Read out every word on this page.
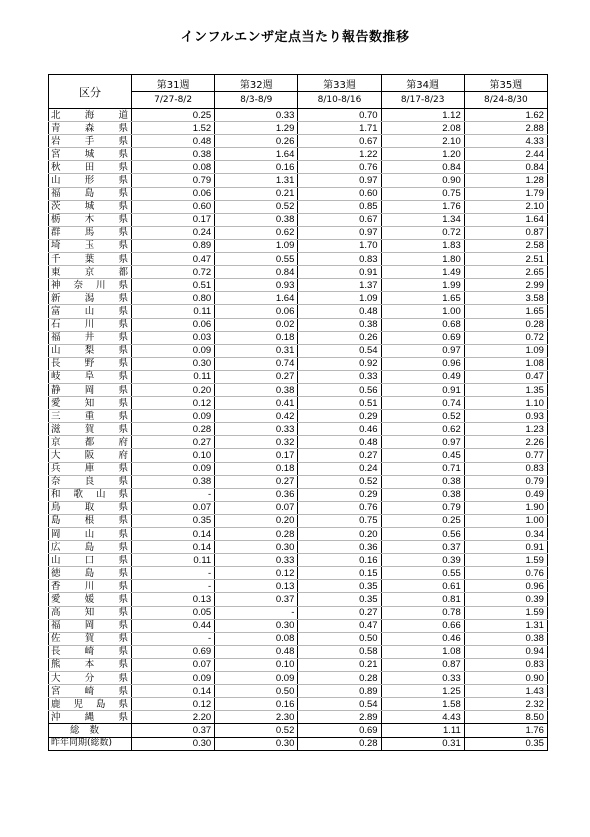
インフルエンザ定点当たり報告数推移
区分	第31週	第32週	第33週	第34週	第35週
	7/27-8/2	8/3-8/9	8/10-8/16	8/17-8/23	8/24-8/30

北 海 道	0.25	0.33	0.70	1.12	1.62

青 森 県	1.52	1.29	1.71	2.08	2.88

岩 手 県	0.48	0.26	0.67	2.10	4.33

宮 城 県	0.38	1.64	1.22	1.20	2.44

秋 田 県	0.08	0.16	0.76	0.84	0.84

山 形 県	0.79	1.31	0.97	0.90	1.28

福 島 県	0.06	0.21	0.60	0.75	1.79

茨 城 県	0.60	0.52	0.85	1.76	2.10

栃 木 県	0.17	0.38	0.67	1.34	1.64

群 馬 県	0.24	0.62	0.97	0.72	0.87

埼 玉 県	0.89	1.09	1.70	1.83	2.58

千 葉 県	0.47	0.55	0.83	1.80	2.51

東 京 都	0.72	0.84	0.91	1.49	2.65

神 奈 川 県	0.51	0.93	1.37	1.99	2.99

新 潟 県	0.80	1.64	1.09	1.65	3.58

富 山 県	0.11	0.06	0.48	1.00	1.65

石 川 県	0.06	0.02	0.38	0.68	0.28

福 井 県	0.03	0.18	0.26	0.69	0.72

山 梨 県	0.09	0.31	0.54	0.97	1.09

長 野 県	0.30	0.74	0.92	0.96	1.08

岐 阜 県	0.11	0.27	0.33	0.49	0.47

静 岡 県	0.20	0.38	0.56	0.91	1.35

愛 知 県	0.12	0.41	0.51	0.74	1.10

三 重 県	0.09	0.42	0.29	0.52	0.93

滋 賀 県	0.28	0.33	0.46	0.62	1.23

京 都 府	0.27	0.32	0.48	0.97	2.26

大 阪 府	0.10	0.17	0.27	0.45	0.77

兵 庫 県	0.09	0.18	0.24	0.71	0.83

奈 良 県	0.38	0.27	0.52	0.38	0.79

和 歌 山 県	-	0.36	0.29	0.38	0.49

鳥 取 県	0.07	0.07	0.76	0.79	1.90

島 根 県	0.35	0.20	0.75	0.25	1.00

岡 山 県	0.14	0.28	0.20	0.56	0.34

広 島 県	0.14	0.30	0.36	0.37	0.91

山 口 県	0.11	0.33	0.16	0.39	1.59

徳 島 県	-	0.12	0.15	0.55	0.76

香 川 県	-	0.13	0.35	0.61	0.96

愛 媛 県	0.13	0.37	0.35	0.81	0.39

高 知 県	0.05	-	0.27	0.78	1.59

福 岡 県	0.44	0.30	0.47	0.66	1.31

佐 賀 県	-	0.08	0.50	0.46	0.38

長 崎 県	0.69	0.48	0.58	1.08	0.94

熊 本 県	0.07	0.10	0.21	0.87	0.83

大 分 県	0.09	0.09	0.28	0.33	0.90

宮 崎 県	0.14	0.50	0.89	1.25	1.43

鹿 児 島 県	0.12	0.16	0.54	1.58	2.32

沖 縄 県	2.20	2.30	2.89	4.43	8.50

総数	0.37	0.52	0.69	1.11	1.76
昨年同期(総数)	0.30	0.30	0.28	0.31	0.35
